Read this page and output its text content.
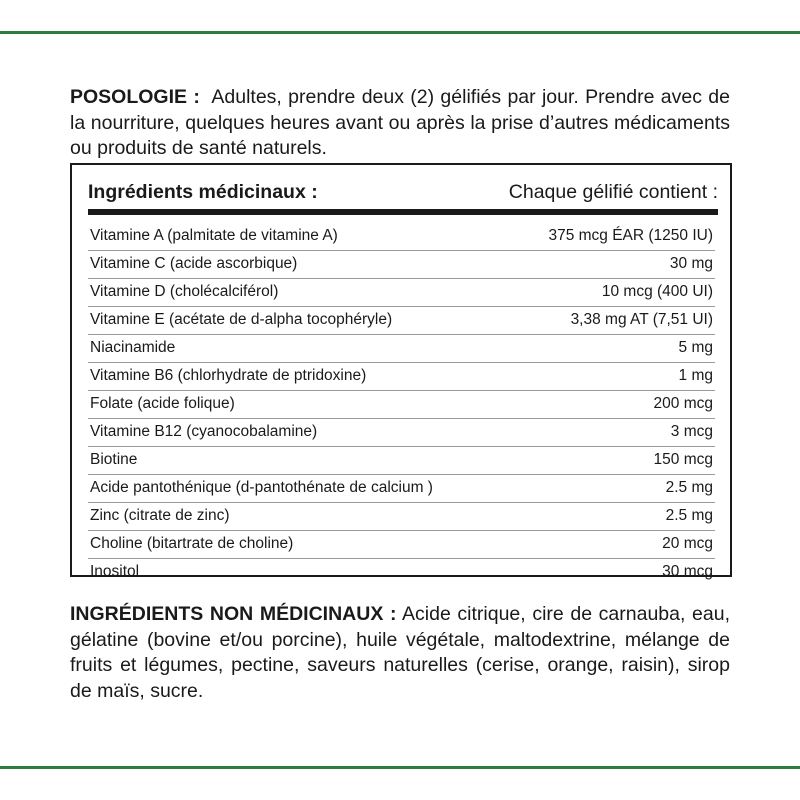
POSOLOGIE : Adultes, prendre deux (2) gélifiés par jour. Prendre avec de la nourriture, quelques heures avant ou après la prise d’autres médicaments ou produits de santé naturels.

Ingrédients médicinaux :	Chaque gélifié contient :
Vitamine A (palmitate de vitamine A)	375 mcg ÉAR (1250 IU)
Vitamine C (acide ascorbique)	30 mg
Vitamine D (cholécalciférol)	10 mcg (400 UI)
Vitamine E (acétate de d-alpha tocophéryle)	3,38 mg AT (7,51 UI)
Niacinamide	5 mg
Vitamine B6 (chlorhydrate de ptridoxine)	1 mg
Folate (acide folique)	200 mcg
Vitamine B12 (cyanocobalamine)	3 mcg
Biotine	150 mcg
Acide pantothénique (d-pantothénate de calcium )	2.5 mg
Zinc (citrate de zinc)	2.5 mg
Choline (bitartrate de choline)	20 mcg
Inositol	30 mcg

INGRÉDIENTS NON MÉDICINAUX : Acide citrique, cire de carnauba, eau, gélatine (bovine et/ou porcine), huile végétale, maltodextrine, mélange de fruits et légumes, pectine, saveurs naturelles (cerise, orange, raisin), sirop de maïs, sucre.
